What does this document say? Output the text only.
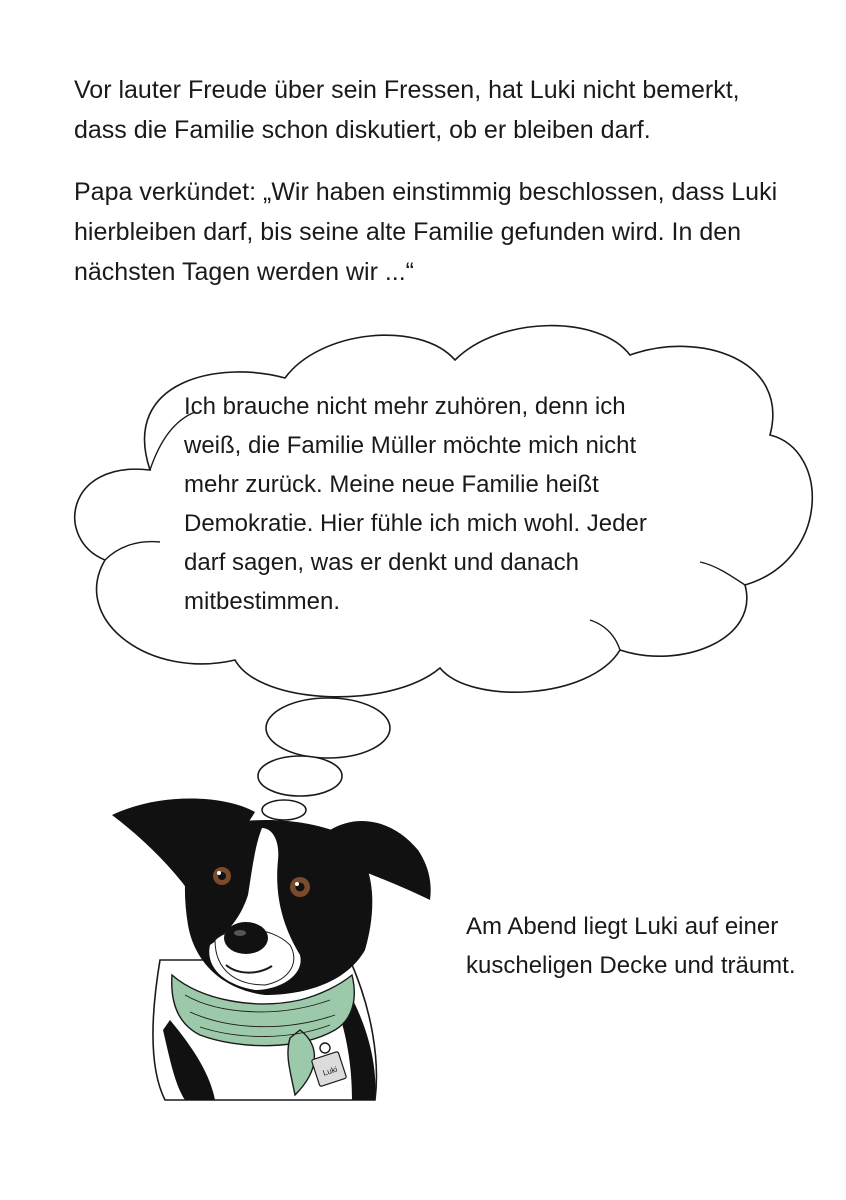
Vor lauter Freude über sein Fressen, hat Luki nicht bemerkt, dass die Familie schon diskutiert, ob er bleiben darf.

Papa verkündet: „Wir haben einstimmig beschlossen, dass Luki hierbleiben darf, bis seine alte Familie gefunden wird. In den nächsten Tagen werden wir ...“

Luki

Ich brauche nicht mehr zuhören, denn ich weiß, die Familie Müller möchte mich nicht mehr zurück. Meine neue Familie heißt Demokratie. Hier fühle ich mich wohl. Jeder darf sagen, was er denkt und danach mitbestimmen.

Am Abend liegt Luki auf einer kuscheligen Decke und träumt.
